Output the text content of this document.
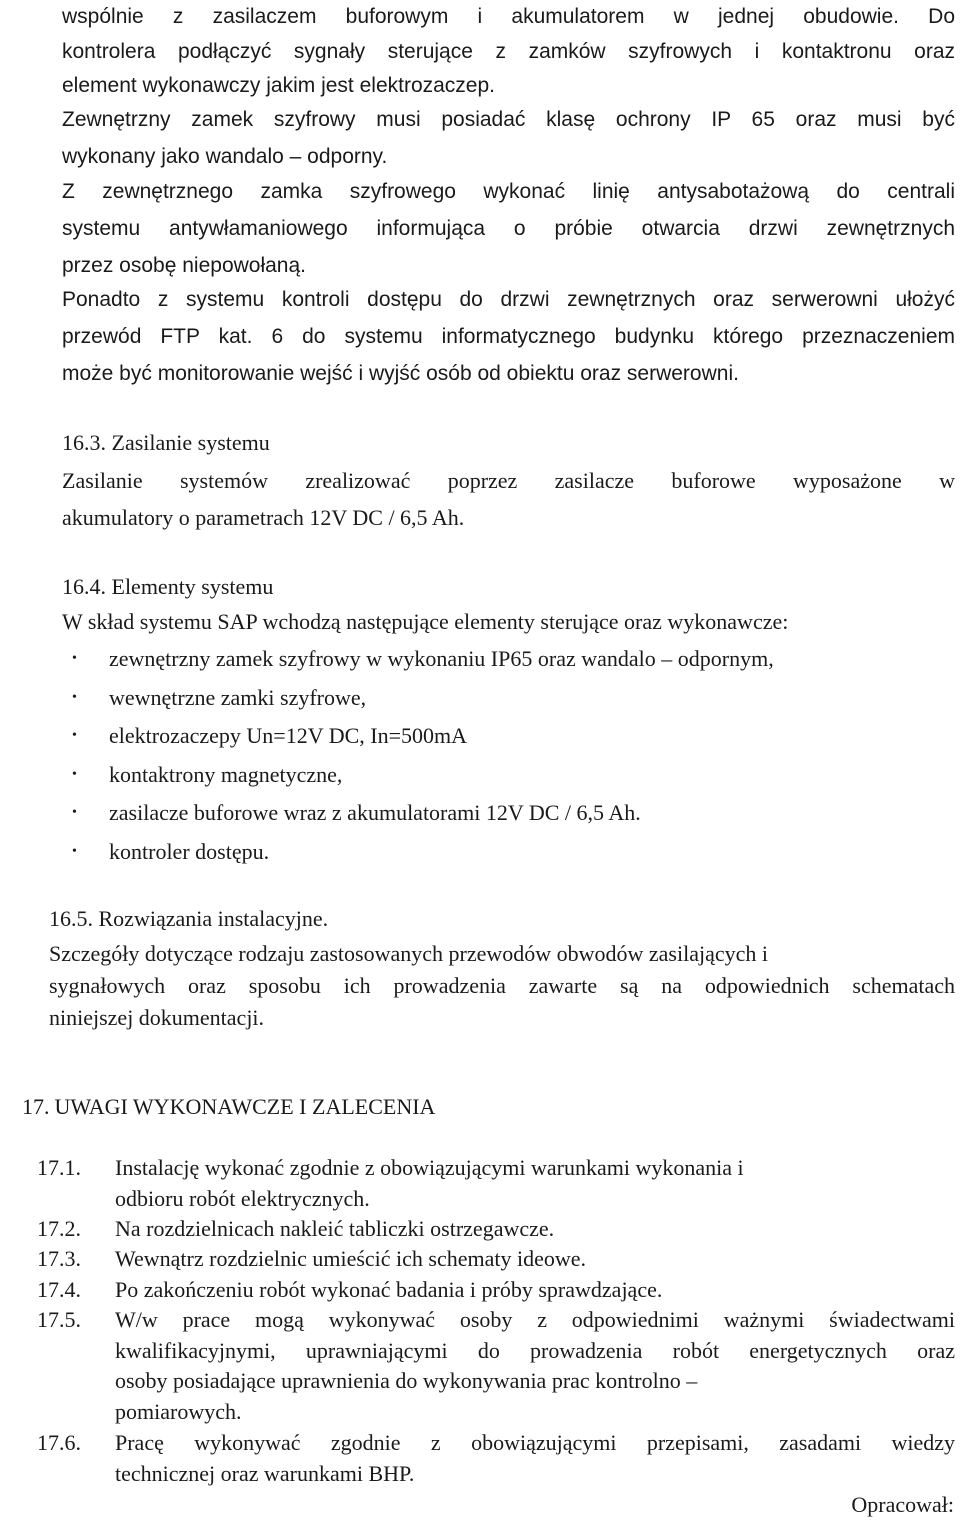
wspólnie z zasilaczem buforowym i akumulatorem w jednej obudowie. Do
kontrolera podłączyć sygnały sterujące z zamków szyfrowych i kontaktronu oraz
element wykonawczy jakim jest elektrozaczep.
Zewnętrzny zamek szyfrowy musi posiadać klasę ochrony IP 65 oraz musi być
wykonany jako wandalo – odporny.
Z zewnętrznego zamka szyfrowego wykonać linię antysabotażową do centrali
systemu antywłamaniowego informująca o próbie otwarcia drzwi zewnętrznych
przez osobę niepowołaną.
Ponadto z systemu kontroli dostępu do drzwi zewnętrznych oraz serwerowni ułożyć
przewód FTP kat. 6 do systemu informatycznego budynku którego przeznaczeniem
może być monitorowanie wejść i wyjść osób od obiektu oraz serwerowni.
16.3. Zasilanie systemu
Zasilanie systemów zrealizować poprzez zasilacze buforowe wyposażone w
akumulatory o parametrach 12V DC / 6,5 Ah.
16.4. Elementy systemu
W skład systemu SAP wchodzą następujące elementy sterujące oraz wykonawcze:
• zewnętrzny zamek szyfrowy w wykonaniu IP65 oraz wandalo – odpornym,
• wewnętrzne zamki szyfrowe,
• elektrozaczepy Un=12V DC, In=500mA
• kontaktrony magnetyczne,
• zasilacze buforowe wraz z akumulatorami 12V DC / 6,5 Ah.
• kontroler dostępu.
16.5. Rozwiązania instalacyjne.
Szczegóły dotyczące rodzaju zastosowanych przewodów obwodów zasilających i
sygnałowych oraz sposobu ich prowadzenia zawarte są na odpowiednich schematach
niniejszej dokumentacji.
17. UWAGI WYKONAWCZE I ZALECENIA
17.1. Instalację wykonać zgodnie z obowiązującymi warunkami wykonania i
odbioru robót elektrycznych.
17.2. Na rozdzielnicach nakleić tabliczki ostrzegawcze.
17.3. Wewnątrz rozdzielnic umieścić ich schematy ideowe.
17.4. Po zakończeniu robót wykonać badania i próby sprawdzające.
17.5. W/w prace mogą wykonywać osoby z odpowiednimi ważnymi świadectwami
kwalifikacyjnymi, uprawniającymi do prowadzenia robót energetycznych oraz
osoby posiadające uprawnienia do wykonywania prac kontrolno –
pomiarowych.
17.6. Pracę wykonywać zgodnie z obowiązującymi przepisami, zasadami wiedzy
technicznej oraz warunkami BHP.
Opracował:
